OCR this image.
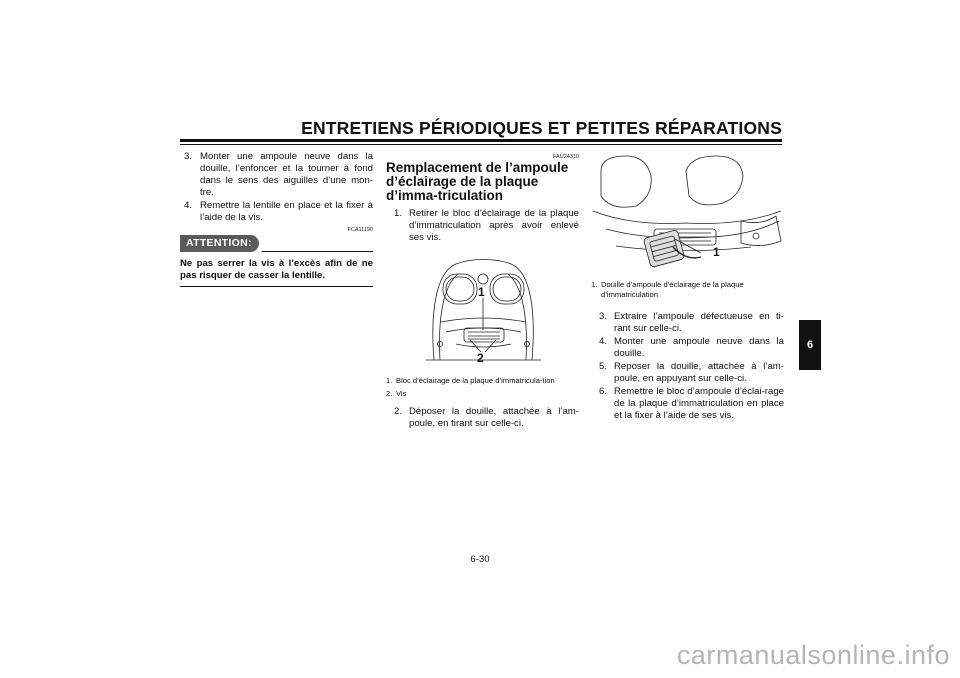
ENTRETIENS PÉRIODIQUES ET PETITES RÉPARATIONS
3. Monter une ampoule neuve dans la douille, l’enfoncer et la tourner à fond dans le sens des aiguilles d’une mon-tre.
4. Remettre la lentille en place et la fixer à l’aide de la vis.
FCA11190
ATTENTION:
Ne pas serrer la vis à l’excès afin de ne pas risquer de casser la lentille.
FAU24310
Remplacement de l’ampoule d’éclairage de la plaque d’imma-triculation
1. Retirer le bloc d’éclairage de la plaque d’immatriculation après avoir enlevé ses vis.
1
2
1. Bloc d’éclairage de la plaque d’immatricula-tion
2. Vis
2. Déposer la douille, attachée à l’am-poule, en tirant sur celle-ci.
1
1. Douille d’ampoule d’éclairage de la plaque d’immatriculation
3. Extraire l’ampoule défectueuse en ti-rant sur celle-ci.
4. Monter une ampoule neuve dans la douille.
5. Reposer la douille, attachée à l’am-poule, en appuyant sur celle-ci.
6. Remettre le bloc d’ampoule d’éclai-rage de la plaque d’immatriculation en place et la fixer à l’aide de ses vis.
6
6-30
carmanualsonline.info
